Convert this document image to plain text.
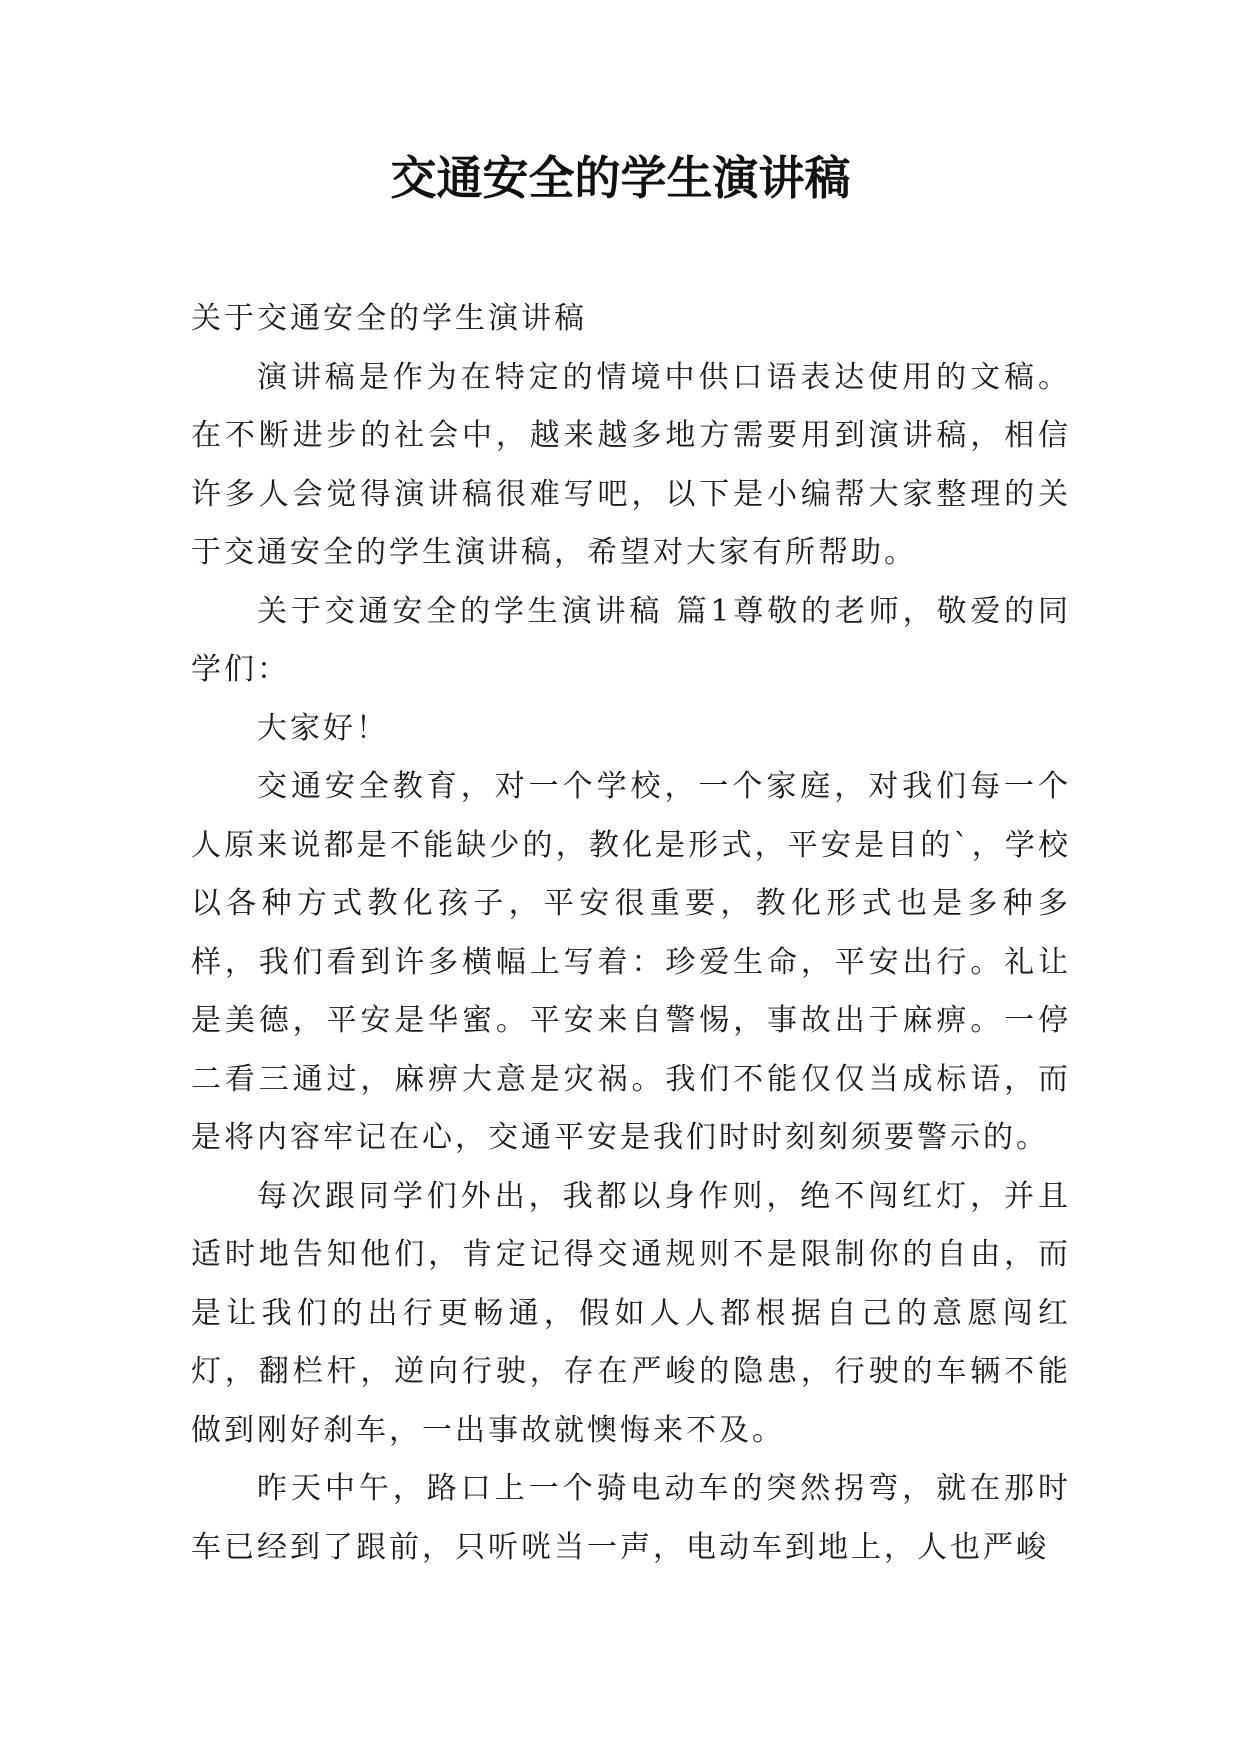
交通安全的学生演讲稿

关于交通安全的学生演讲稿

演讲稿是作为在特定的情境中供口语表达使用的文稿。在不断进步的社会中，越来越多地方需要用到演讲稿，相信许多人会觉得演讲稿很难写吧，以下是小编帮大家整理的关于交通安全的学生演讲稿，希望对大家有所帮助。

关于交通安全的学生演讲稿 篇1尊敬的老师，敬爱的同学们：

大家好！

交通安全教育，对一个学校，一个家庭，对我们每一个人原来说都是不能缺少的，教化是形式，平安是目的`，学校以各种方式教化孩子，平安很重要，教化形式也是多种多样，我们看到许多横幅上写着：珍爱生命，平安出行。礼让是美德，平安是华蜜。平安来自警惕，事故出于麻痹。一停二看三通过，麻痹大意是灾祸。我们不能仅仅当成标语，而是将内容牢记在心，交通平安是我们时时刻刻须要警示的。

每次跟同学们外出，我都以身作则，绝不闯红灯，并且适时地告知他们，肯定记得交通规则不是限制你的自由，而是让我们的出行更畅通，假如人人都根据自己的意愿闯红灯，翻栏杆，逆向行驶，存在严峻的隐患，行驶的车辆不能做到刚好刹车，一出事故就懊悔来不及。

昨天中午，路口上一个骑电动车的突然拐弯，就在那时车已经到了跟前，只听咣当一声，电动车到地上，人也严峻
